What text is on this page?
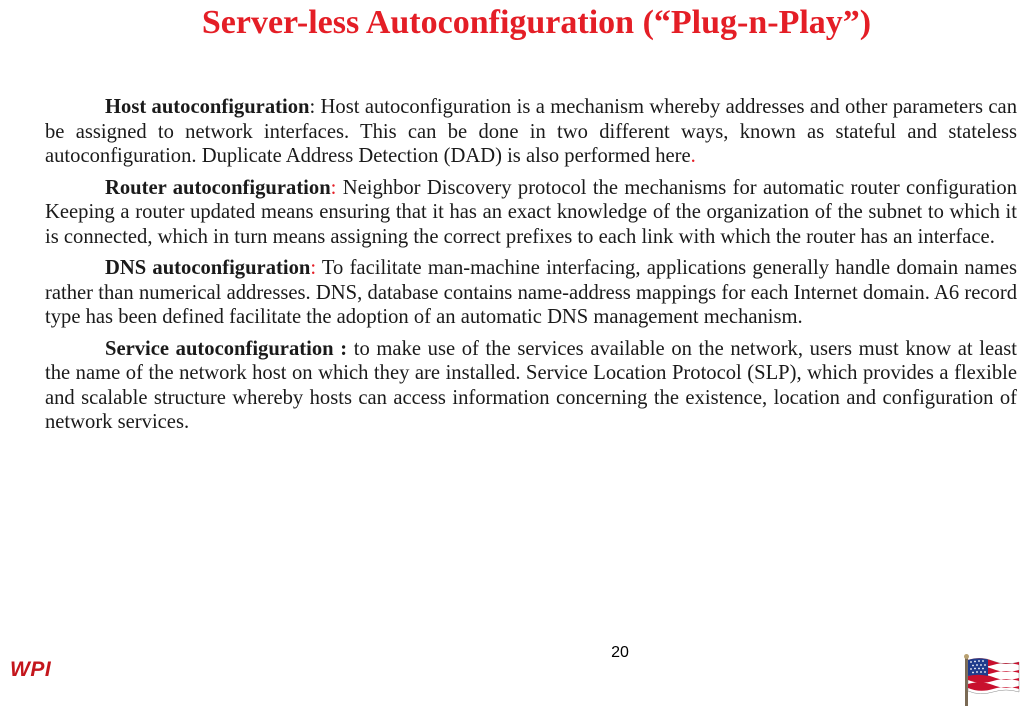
Server-less Autoconfiguration (“Plug-n-Play”)

Host autoconfiguration: Host autoconfiguration is a mechanism whereby addresses and other parameters can be assigned to network interfaces. This can be done in two different ways, known as stateful and stateless autoconfiguration. Duplicate Address Detection (DAD) is also performed here.

Router autoconfiguration: Neighbor Discovery protocol the mechanisms for automatic router configuration Keeping a router updated means ensuring that it has an exact knowledge of the organization of the subnet to which it is connected, which in turn means assigning the correct prefixes to each link with which the router has an interface.

DNS autoconfiguration: To facilitate man-machine interfacing, applications generally handle domain names rather than numerical addresses. DNS, database contains name-address mappings for each Internet domain. A6 record type has been defined facilitate the adoption of an automatic DNS management mechanism.

Service autoconfiguration : to make use of the services available on the network, users must know at least the name of the network host on which they are installed. Service Location Protocol (SLP), which provides a flexible and scalable structure whereby hosts can access information concerning the existence, location and configuration of network services.

20
WPI
